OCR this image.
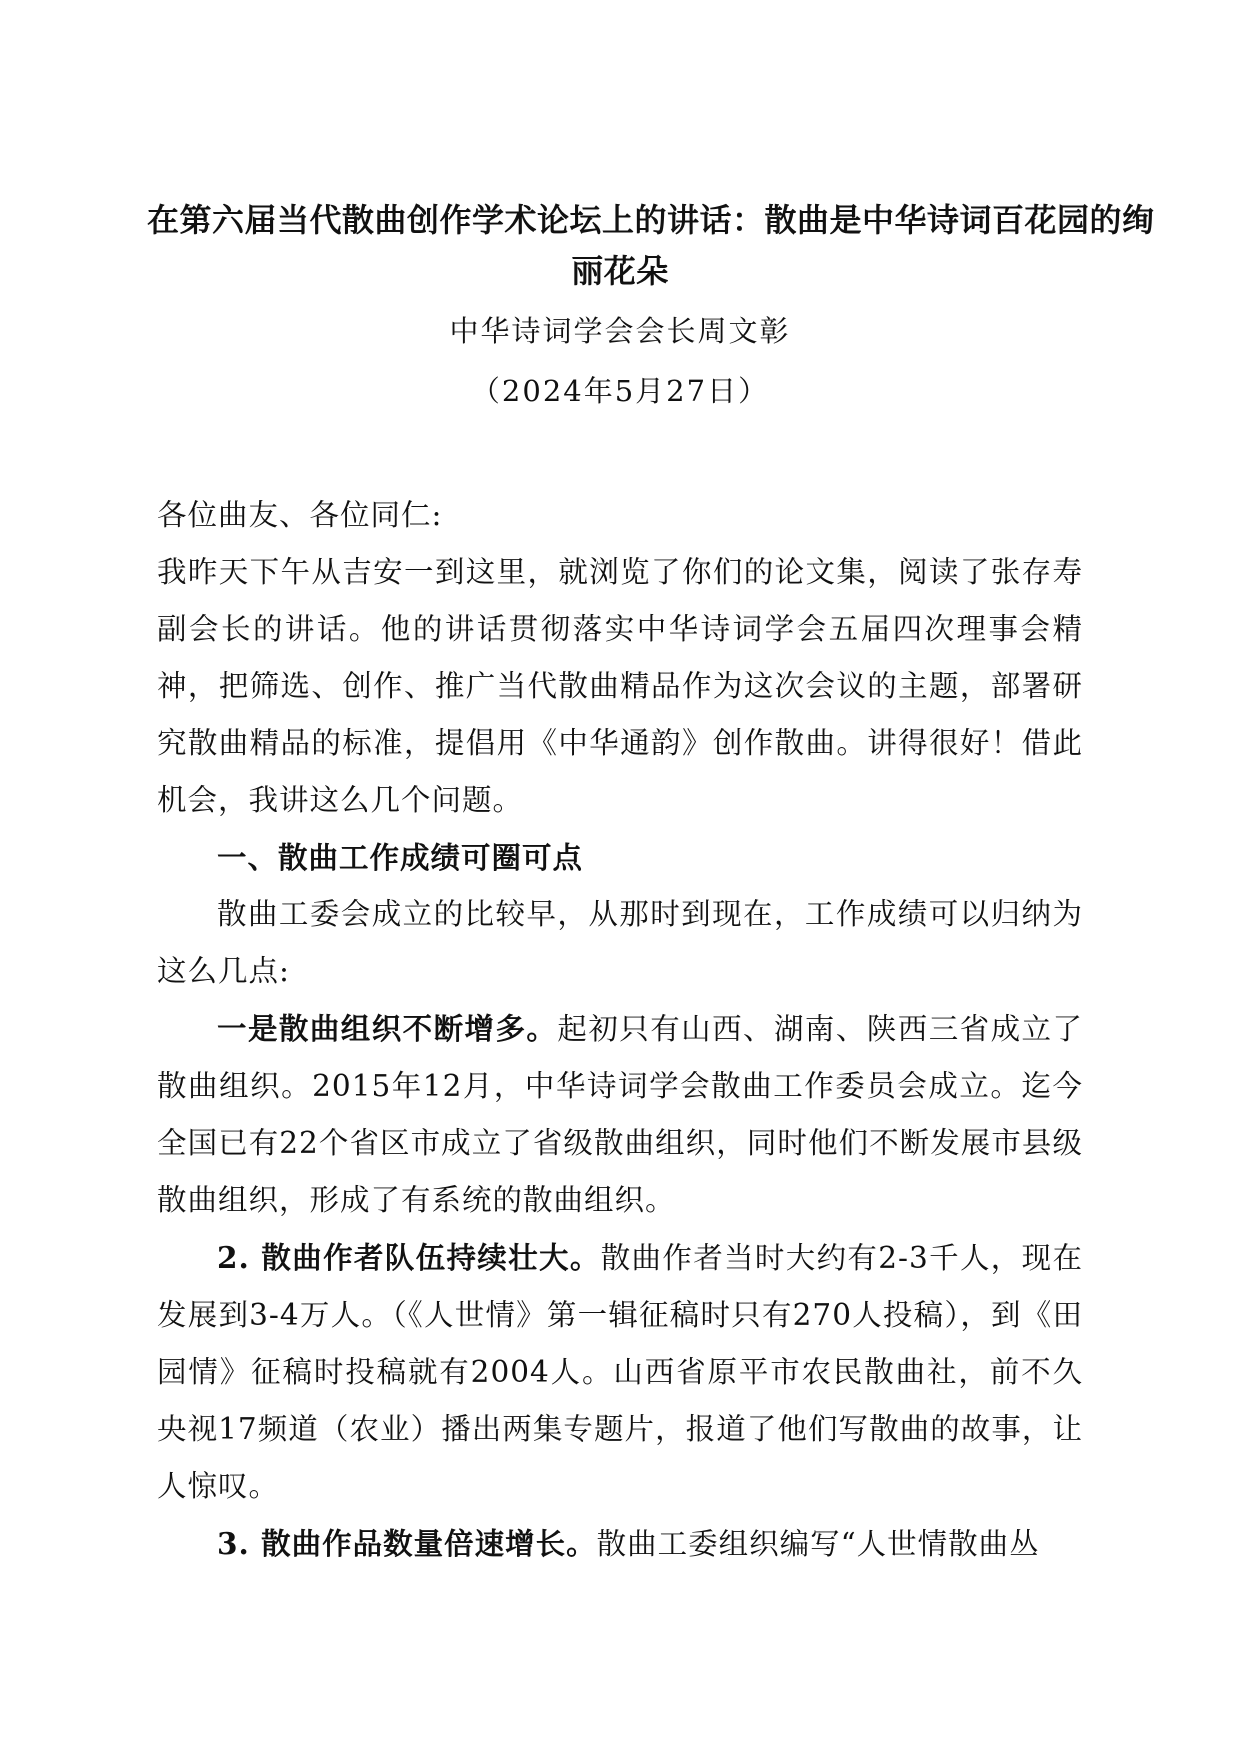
在第六届当代散曲创作学术论坛上的讲话：散曲是中华诗词百花园的绚
丽花朵
中华诗词学会会长周文彰
（2024年5月27日）

各位曲友、各位同仁:

我昨天下午从吉安一到这里，就浏览了你们的论文集，阅读了张存寿副会长的讲话。他的讲话贯彻落实中华诗词学会五届四次理事会精神，把筛选、创作、推广当代散曲精品作为这次会议的主题，部署研究散曲精品的标准，提倡用《中华通韵》创作散曲。讲得很好！借此机会，我讲这么几个问题。

一、散曲工作成绩可圈可点

散曲工委会成立的比较早，从那时到现在，工作成绩可以归纳为这么几点:

一是散曲组织不断增多。起初只有山西、湖南、陕西三省成立了散曲组织。2015年12月，中华诗词学会散曲工作委员会成立。迄今全国已有22个省区市成立了省级散曲组织，同时他们不断发展市县级散曲组织，形成了有系统的散曲组织。

2. 散曲作者队伍持续壮大。散曲作者当时大约有2-3千人，现在发展到3-4万人。（《人世情》第一辑征稿时只有270人投稿），到《田园情》征稿时投稿就有2004人。山西省原平市农民散曲社，前不久央视17频道（农业）播出两集专题片，报道了他们写散曲的故事，让人惊叹。

3. 散曲作品数量倍速增长。散曲工委组织编写“人世情散曲丛
